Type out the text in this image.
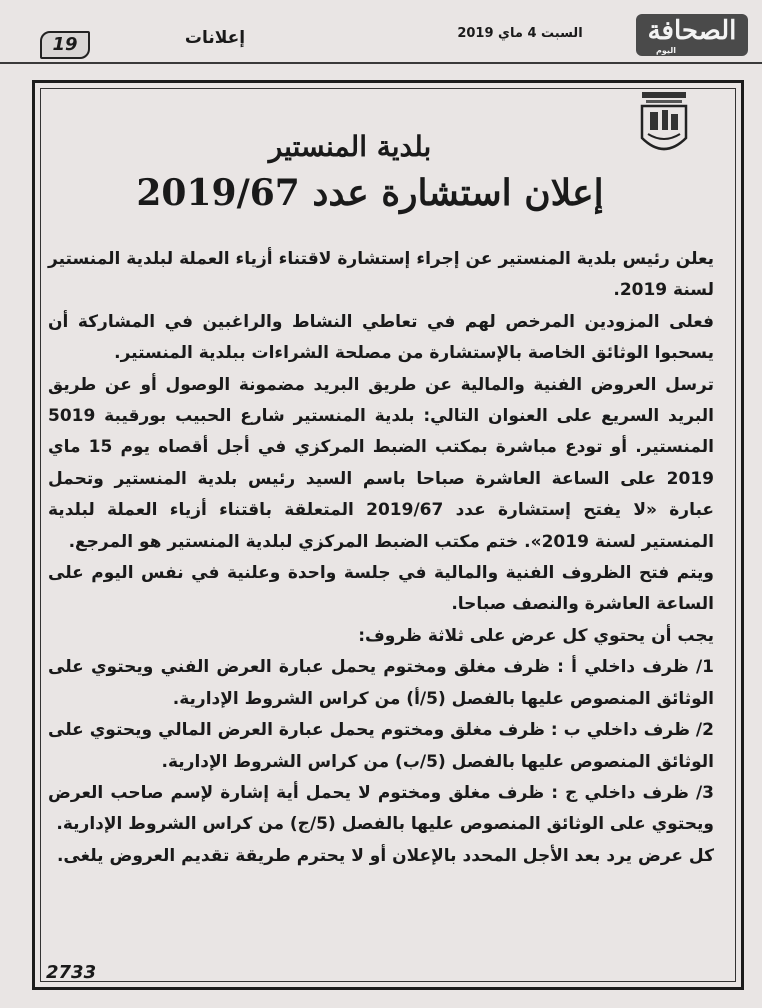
19	إعلانات	السبت 4 ماي 2019	الصحافة
اليوم
بلدية المنستير
إعلان استشارة عدد 2019/67

يعلن رئيس بلدية المنستير عن إجراء إستشارة لاقتناء أزياء العملة لبلدية المنستير لسنة 2019.

فعلى المزودين المرخص لهم في تعاطي النشاط والراغبين في المشاركة أن يسحبوا الوثائق الخاصة بالإستشارة من مصلحة الشراءات ببلدية المنستير.

ترسل العروض الفنية والمالية عن طريق البريد مضمونة الوصول أو عن طريق البريد السريع على العنوان التالي: بلدية المنستير شارع الحبيب بورقيبة 5019 المنستير. أو تودع مباشرة بمكتب الضبط المركزي في أجل أقصاه يوم 15 ماي 2019 على الساعة العاشرة صباحا باسم السيد رئيس بلدية المنستير وتحمل عبارة «لا يفتح إستشارة عدد 2019/67 المتعلقة باقتناء أزياء العملة لبلدية المنستير لسنة 2019». ختم مكتب الضبط المركزي لبلدية المنستير هو المرجع.

ويتم فتح الظروف الفنية والمالية في جلسة واحدة وعلنية في نفس اليوم على الساعة العاشرة والنصف صباحا.

يجب أن يحتوي كل عرض على ثلاثة ظروف:

1/ ظرف داخلي أ : ظرف مغلق ومختوم يحمل عبارة العرض الفني ويحتوي على الوثائق المنصوص عليها بالفصل (5/أ) من كراس الشروط الإدارية.

2/ ظرف داخلي ب : ظرف مغلق ومختوم يحمل عبارة العرض المالي ويحتوي على الوثائق المنصوص عليها بالفصل (5/ب) من كراس الشروط الإدارية.

3/ ظرف داخلي ج : ظرف مغلق ومختوم لا يحمل أية إشارة لإسم صاحب العرض ويحتوي على الوثائق المنصوص عليها بالفصل (5/ج) من كراس الشروط الإدارية.

كل عرض يرد بعد الأجل المحدد بالإعلان أو لا يحترم طريقة تقديم العروض يلغى.

2733
